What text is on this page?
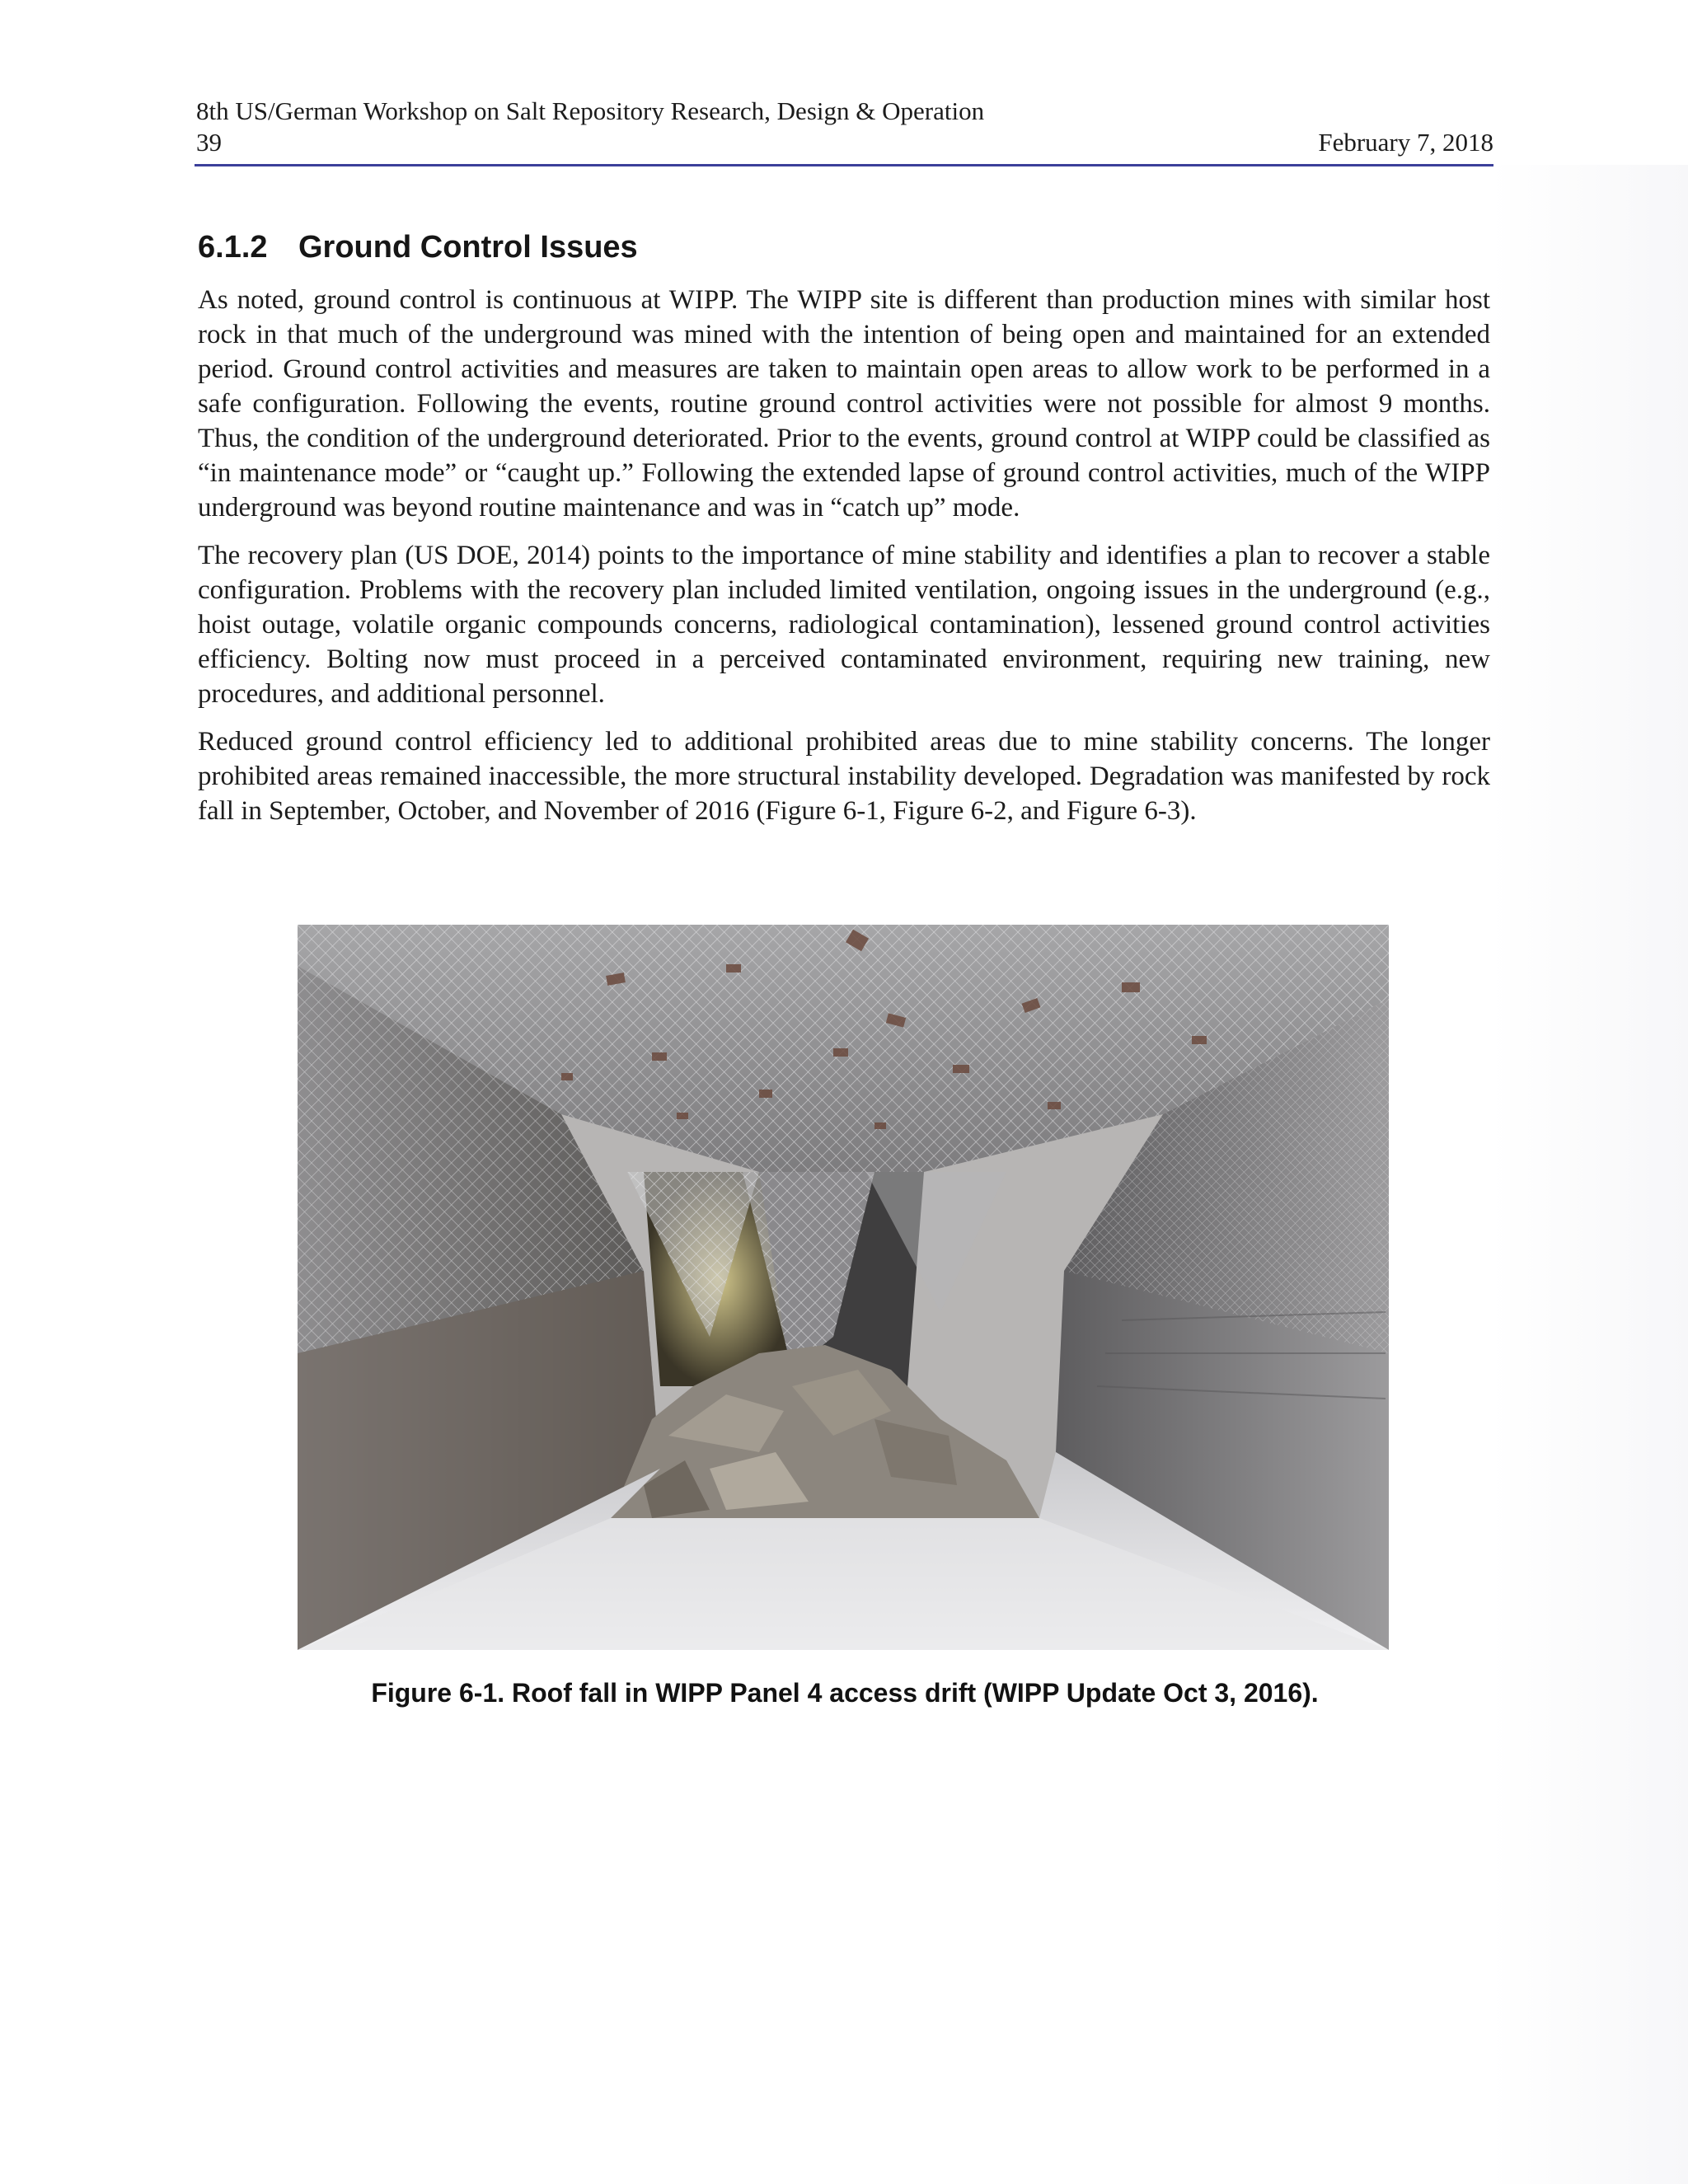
8th US/German Workshop on Salt Repository Research, Design & Operation
39	February 7, 2018
6.1.2 Ground Control Issues

As noted, ground control is continuous at WIPP. The WIPP site is different than production mines with similar host rock in that much of the underground was mined with the intention of being open and maintained for an extended period. Ground control activities and measures are taken to maintain open areas to allow work to be performed in a safe configuration. Following the events, routine ground control activities were not possible for almost 9 months. Thus, the condition of the underground deteriorated. Prior to the events, ground control at WIPP could be classified as “in maintenance mode” or “caught up.” Following the extended lapse of ground control activities, much of the WIPP underground was beyond routine maintenance and was in “catch up” mode.

The recovery plan (US DOE, 2014) points to the importance of mine stability and identifies a plan to recover a stable configuration. Problems with the recovery plan included limited ventilation, ongoing issues in the underground (e.g., hoist outage, volatile organic compounds concerns, radiological contamination), lessened ground control activities efficiency. Bolting now must proceed in a perceived contaminated environment, requiring new training, new procedures, and additional personnel.

Reduced ground control efficiency led to additional prohibited areas due to mine stability concerns. The longer prohibited areas remained inaccessible, the more structural instability developed. Degradation was manifested by rock fall in September, October, and November of 2016 (Figure 6-1, Figure 6-2, and Figure 6-3).

Figure 6-1. Roof fall in WIPP Panel 4 access drift (WIPP Update Oct 3, 2016).
